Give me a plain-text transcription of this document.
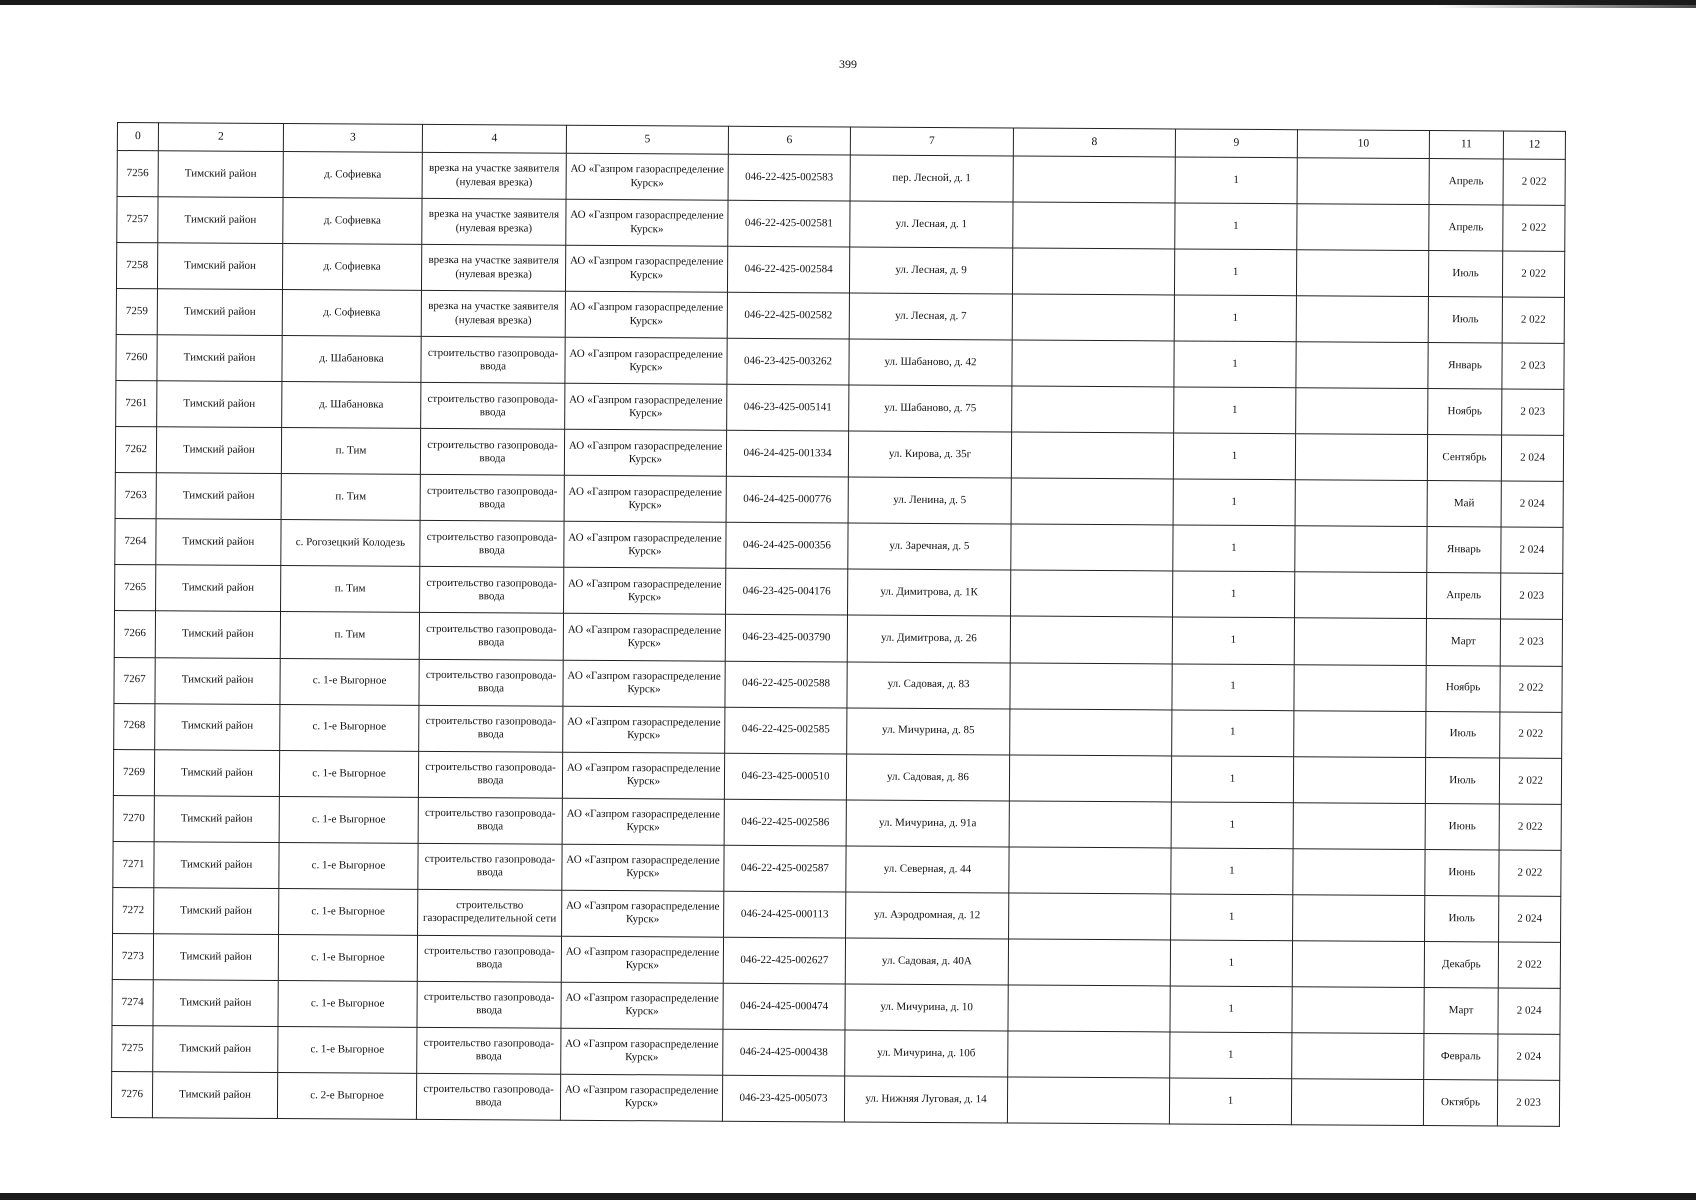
399
0	2	3	4	5	6	7	8	9	10	11	12
7256	Тимский район	д. Софиевка	врезка на участке заявителя (нулевая врезка)	АО «Газпром газораспределение Курск»	046-22-425-002583	пер. Лесной, д. 1		1		Апрель	2 022
7257	Тимский район	д. Софиевка	врезка на участке заявителя (нулевая врезка)	АО «Газпром газораспределение Курск»	046-22-425-002581	ул. Лесная, д. 1		1		Апрель	2 022
7258	Тимский район	д. Софиевка	врезка на участке заявителя (нулевая врезка)	АО «Газпром газораспределение Курск»	046-22-425-002584	ул. Лесная, д. 9		1		Июль	2 022
7259	Тимский район	д. Софиевка	врезка на участке заявителя (нулевая врезка)	АО «Газпром газораспределение Курск»	046-22-425-002582	ул. Лесная, д. 7		1		Июль	2 022
7260	Тимский район	д. Шабановка	строительство газопровода-ввода	АО «Газпром газораспределение Курск»	046-23-425-003262	ул. Шабаново, д. 42		1		Январь	2 023
7261	Тимский район	д. Шабановка	строительство газопровода-ввода	АО «Газпром газораспределение Курск»	046-23-425-005141	ул. Шабаново, д. 75		1		Ноябрь	2 023
7262	Тимский район	п. Тим	строительство газопровода-ввода	АО «Газпром газораспределение Курск»	046-24-425-001334	ул. Кирова, д. 35г		1		Сентябрь	2 024
7263	Тимский район	п. Тим	строительство газопровода-ввода	АО «Газпром газораспределение Курск»	046-24-425-000776	ул. Ленина, д. 5		1		Май	2 024
7264	Тимский район	с. Рогозецкий Колодезь	строительство газопровода-ввода	АО «Газпром газораспределение Курск»	046-24-425-000356	ул. Заречная, д. 5		1		Январь	2 024
7265	Тимский район	п. Тим	строительство газопровода-ввода	АО «Газпром газораспределение Курск»	046-23-425-004176	ул. Димитрова, д. 1К		1		Апрель	2 023
7266	Тимский район	п. Тим	строительство газопровода-ввода	АО «Газпром газораспределение Курск»	046-23-425-003790	ул. Димитрова, д. 26		1		Март	2 023
7267	Тимский район	с. 1-е Выгорное	строительство газопровода-ввода	АО «Газпром газораспределение Курск»	046-22-425-002588	ул. Садовая, д. 83		1		Ноябрь	2 022
7268	Тимский район	с. 1-е Выгорное	строительство газопровода-ввода	АО «Газпром газораспределение Курск»	046-22-425-002585	ул. Мичурина, д. 85		1		Июль	2 022
7269	Тимский район	с. 1-е Выгорное	строительство газопровода-ввода	АО «Газпром газораспределение Курск»	046-23-425-000510	ул. Садовая, д. 86		1		Июль	2 022
7270	Тимский район	с. 1-е Выгорное	строительство газопровода-ввода	АО «Газпром газораспределение Курск»	046-22-425-002586	ул. Мичурина, д. 91а		1		Июнь	2 022
7271	Тимский район	с. 1-е Выгорное	строительство газопровода-ввода	АО «Газпром газораспределение Курск»	046-22-425-002587	ул. Северная, д. 44		1		Июнь	2 022
7272	Тимский район	с. 1-е Выгорное	строительство газораспределительной сети	АО «Газпром газораспределение Курск»	046-24-425-000113	ул. Аэродромная, д. 12		1		Июль	2 024
7273	Тимский район	с. 1-е Выгорное	строительство газопровода-ввода	АО «Газпром газораспределение Курск»	046-22-425-002627	ул. Садовая, д. 40А		1		Декабрь	2 022
7274	Тимский район	с. 1-е Выгорное	строительство газопровода-ввода	АО «Газпром газораспределение Курск»	046-24-425-000474	ул. Мичурина, д. 10		1		Март	2 024
7275	Тимский район	с. 1-е Выгорное	строительство газопровода-ввода	АО «Газпром газораспределение Курск»	046-24-425-000438	ул. Мичурина, д. 10б		1		Февраль	2 024
7276	Тимский район	с. 2-е Выгорное	строительство газопровода-ввода	АО «Газпром газораспределение Курск»	046-23-425-005073	ул. Нижняя Луговая, д. 14		1		Октябрь	2 023
